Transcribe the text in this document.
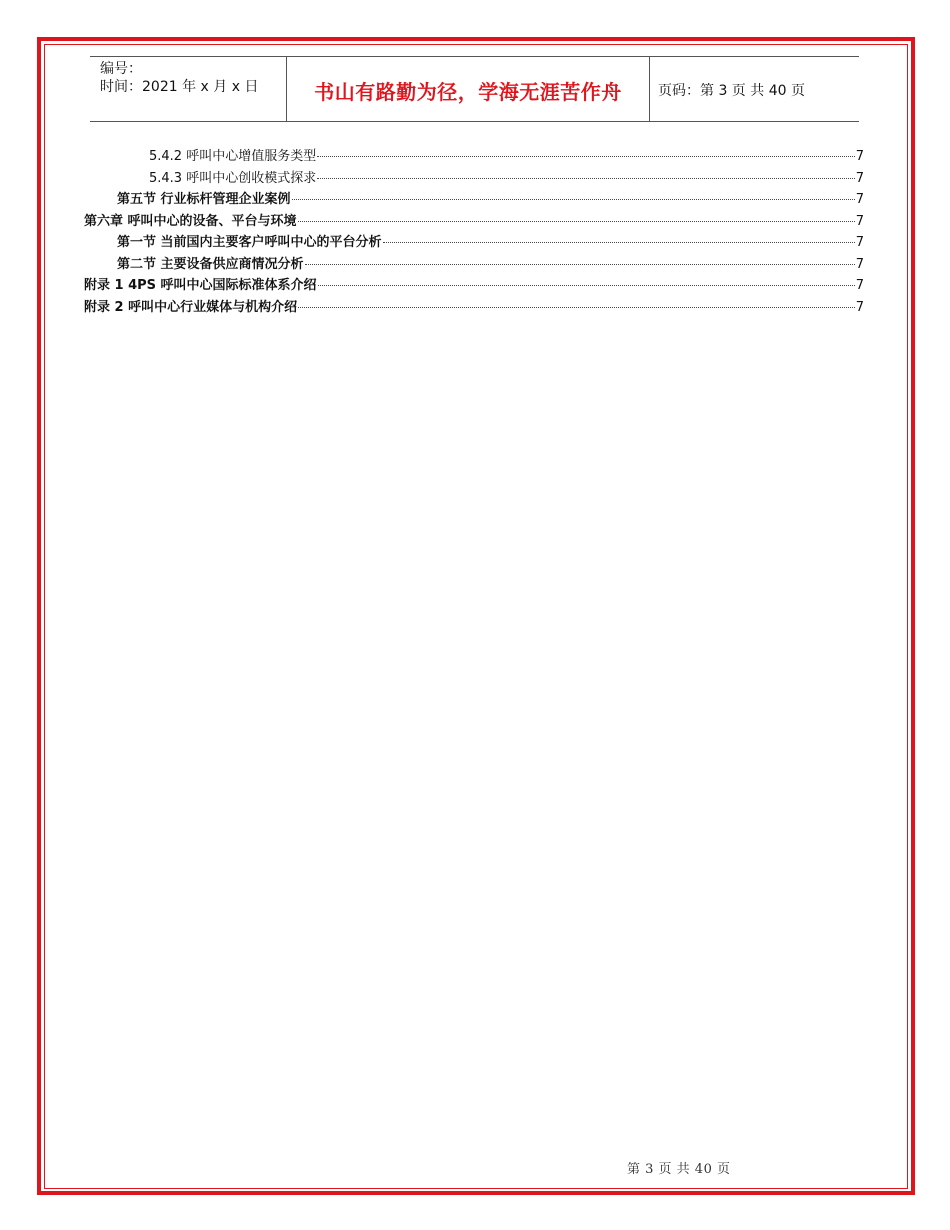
编号：
时间：2021 年 x 月 x 日	书山有路勤为径，学海无涯苦作舟	页码：第 3 页 共 40 页
5.4.2 呼叫中心增值服务类型	7
5.4.3 呼叫中心创收模式探求	7
第五节 行业标杆管理企业案例	7
第六章 呼叫中心的设备、平台与环境	7
第一节 当前国内主要客户呼叫中心的平台分析	7
第二节 主要设备供应商情况分析	7
附录 1 4PS 呼叫中心国际标准体系介绍	7
附录 2 呼叫中心行业媒体与机构介绍	7
第 3 页 共 40 页
